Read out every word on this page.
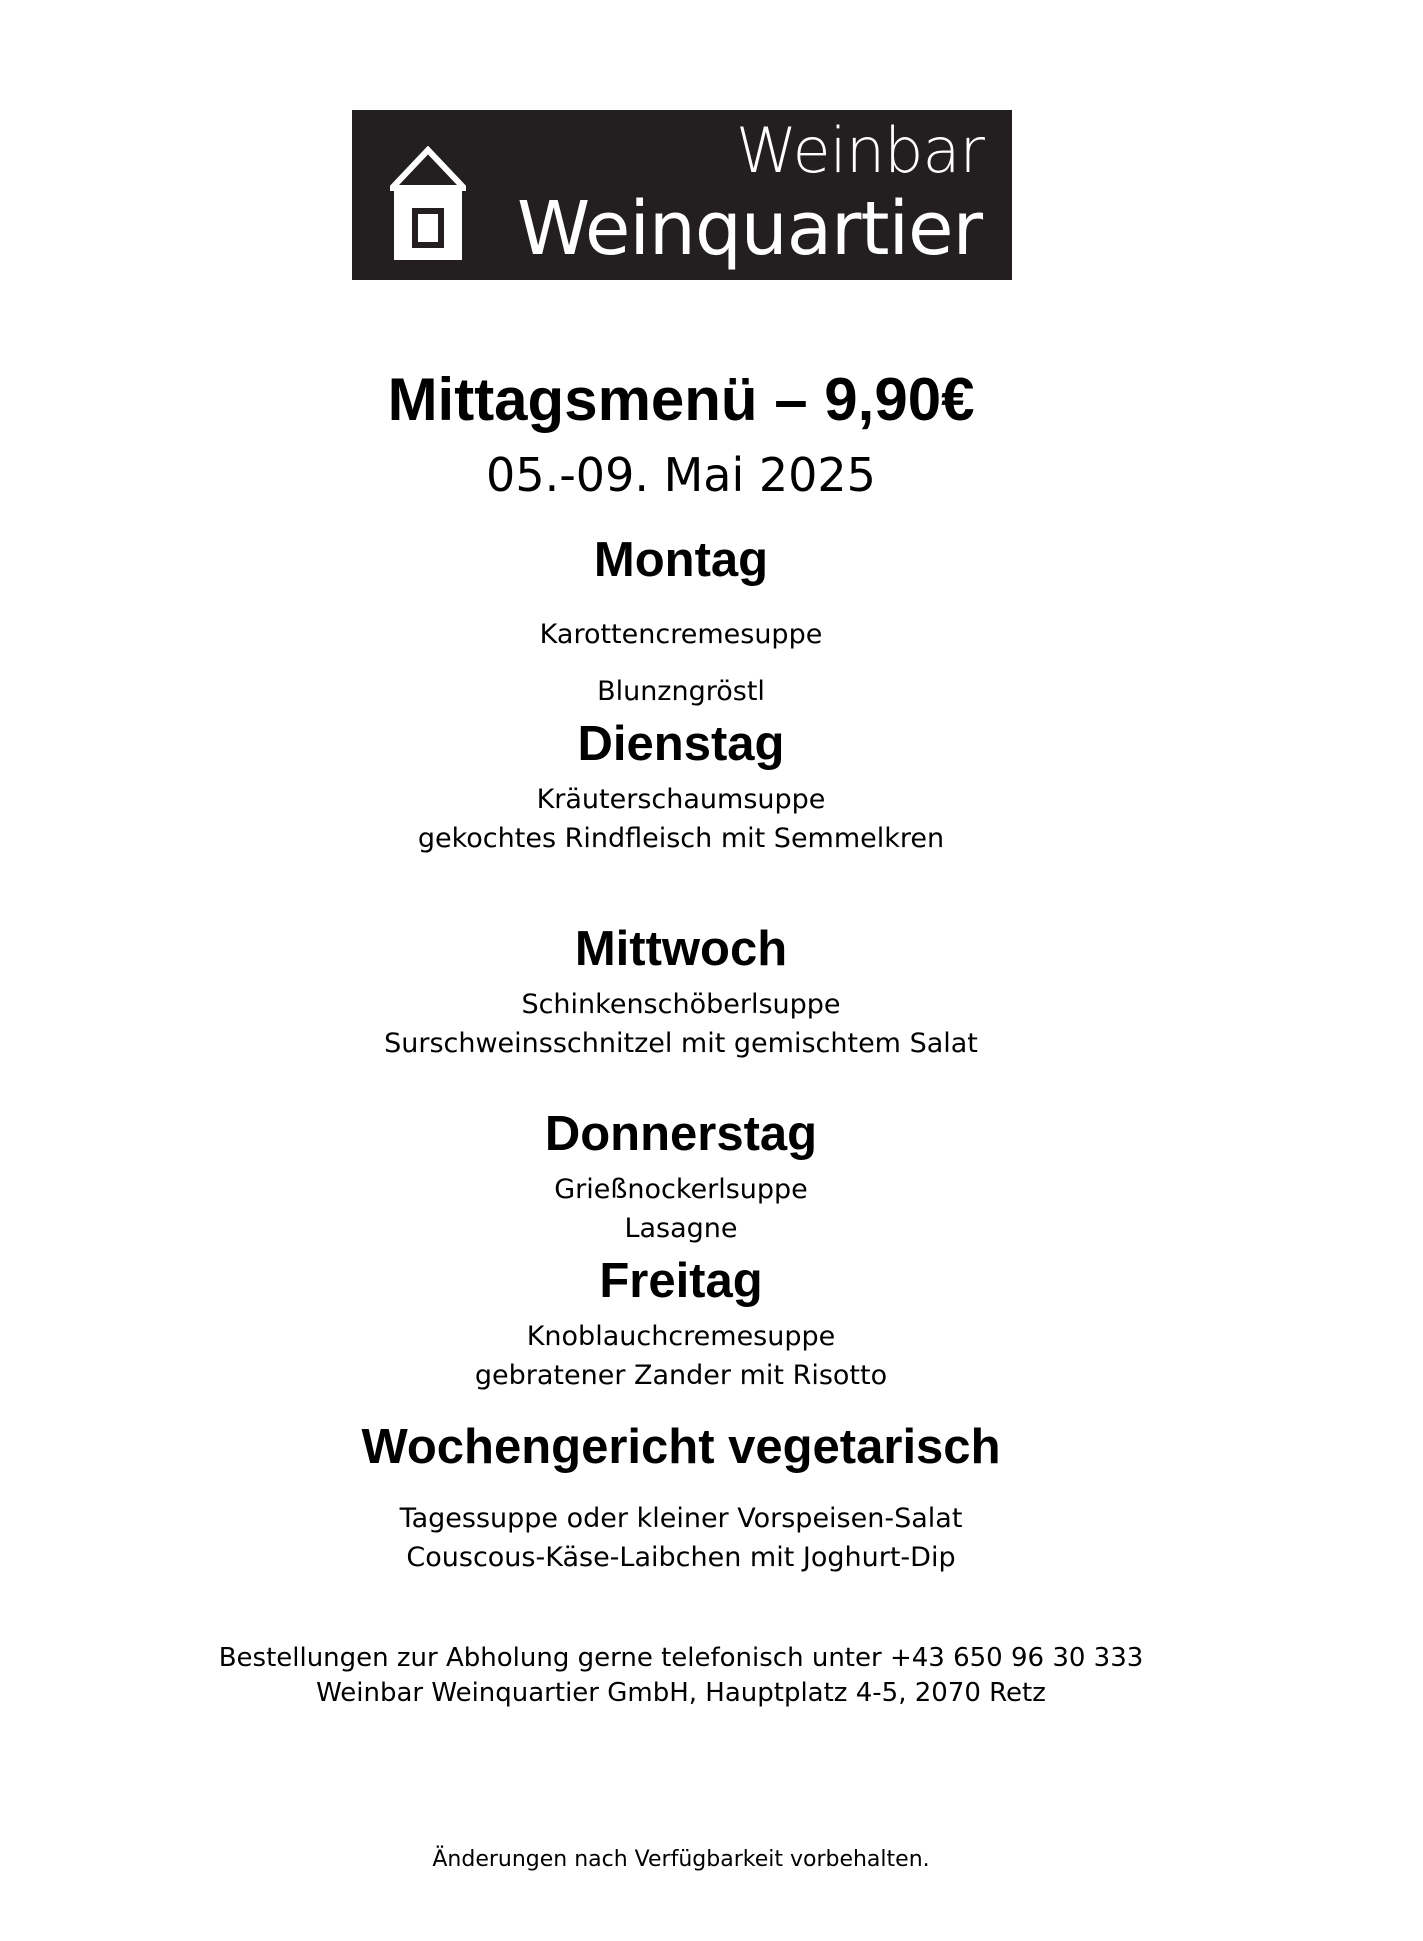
Weinbar
Weinquartier
Mittagsmenü – 9,90€
05.-09. Mai 2025
Montag
Karottencremesuppe
Blunzngröstl
Dienstag
Kräuterschaumsuppe
gekochtes Rindfleisch mit Semmelkren
Mittwoch
Schinkenschöberlsuppe
Surschweinsschnitzel mit gemischtem Salat
Donnerstag
Grießnockerlsuppe
Lasagne
Freitag
Knoblauchcremesuppe
gebratener Zander mit Risotto
Wochengericht vegetarisch
Tagessuppe oder kleiner Vorspeisen-Salat
Couscous-Käse-Laibchen mit Joghurt-Dip
Bestellungen zur Abholung gerne telefonisch unter +43 650 96 30 333
Weinbar Weinquartier GmbH, Hauptplatz 4-5, 2070 Retz
Änderungen nach Verfügbarkeit vorbehalten.
